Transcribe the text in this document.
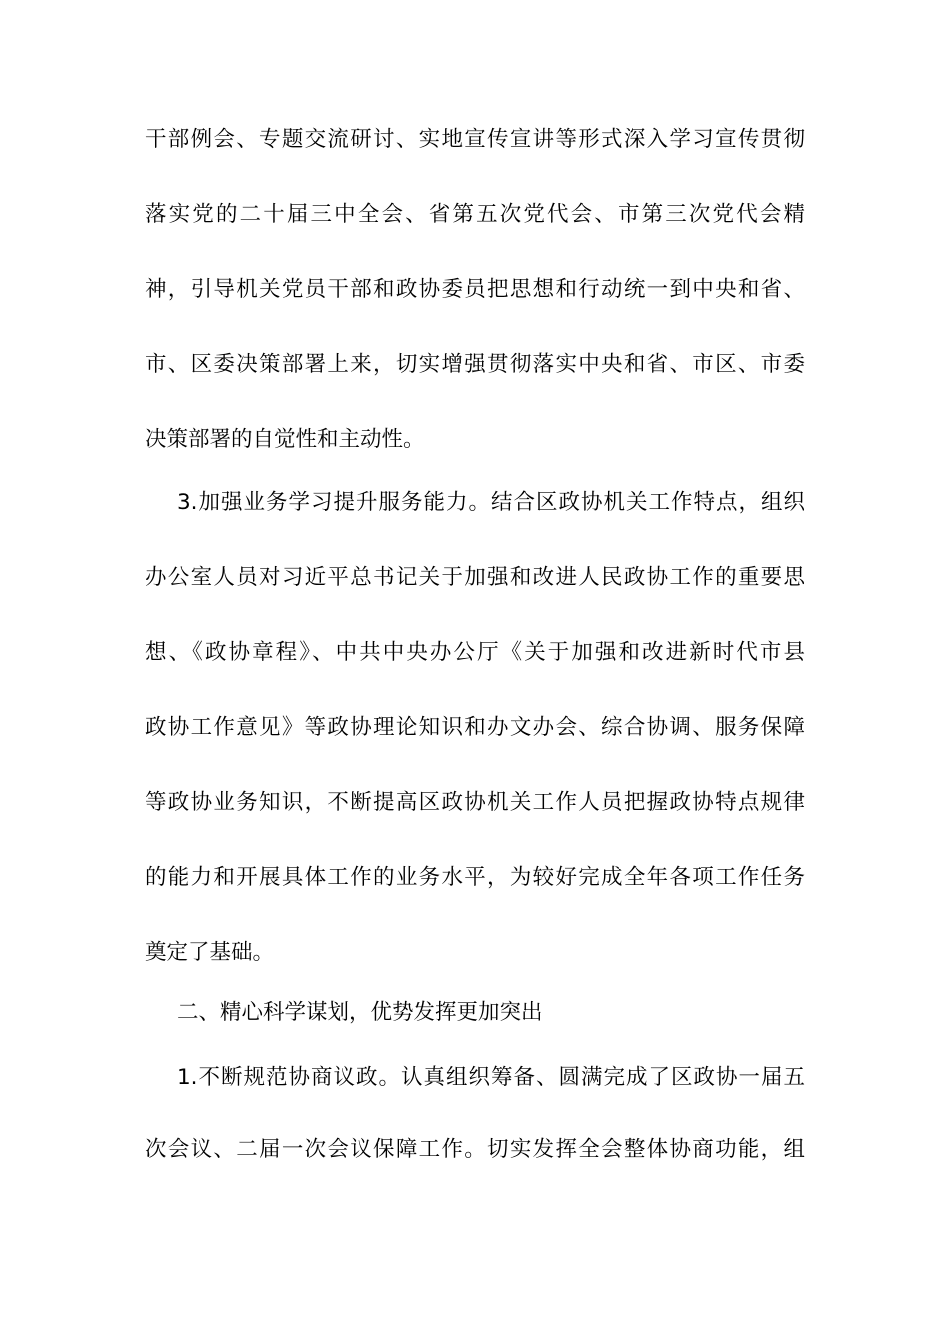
干部例会、专题交流研讨、实地宣传宣讲等形式深入学习宣传贯彻
落实党的二十届三中全会、省第五次党代会、市第三次党代会精
神，引导机关党员干部和政协委员把思想和行动统一到中央和省、
市、区委决策部署上来，切实增强贯彻落实中央和省、市区、市委
决策部署的自觉性和主动性。
3.加强业务学习提升服务能力。结合区政协机关工作特点，组织
办公室人员对习近平总书记关于加强和改进人民政协工作的重要思
想、《政协章程》、中共中央办公厅《关于加强和改进新时代市县
政协工作意见》等政协理论知识和办文办会、综合协调、服务保障
等政协业务知识，不断提高区政协机关工作人员把握政协特点规律
的能力和开展具体工作的业务水平，为较好完成全年各项工作任务
奠定了基础。
二、精心科学谋划，优势发挥更加突出
1.不断规范协商议政。认真组织筹备、圆满完成了区政协一届五
次会议、二届一次会议保障工作。切实发挥全会整体协商功能，组
